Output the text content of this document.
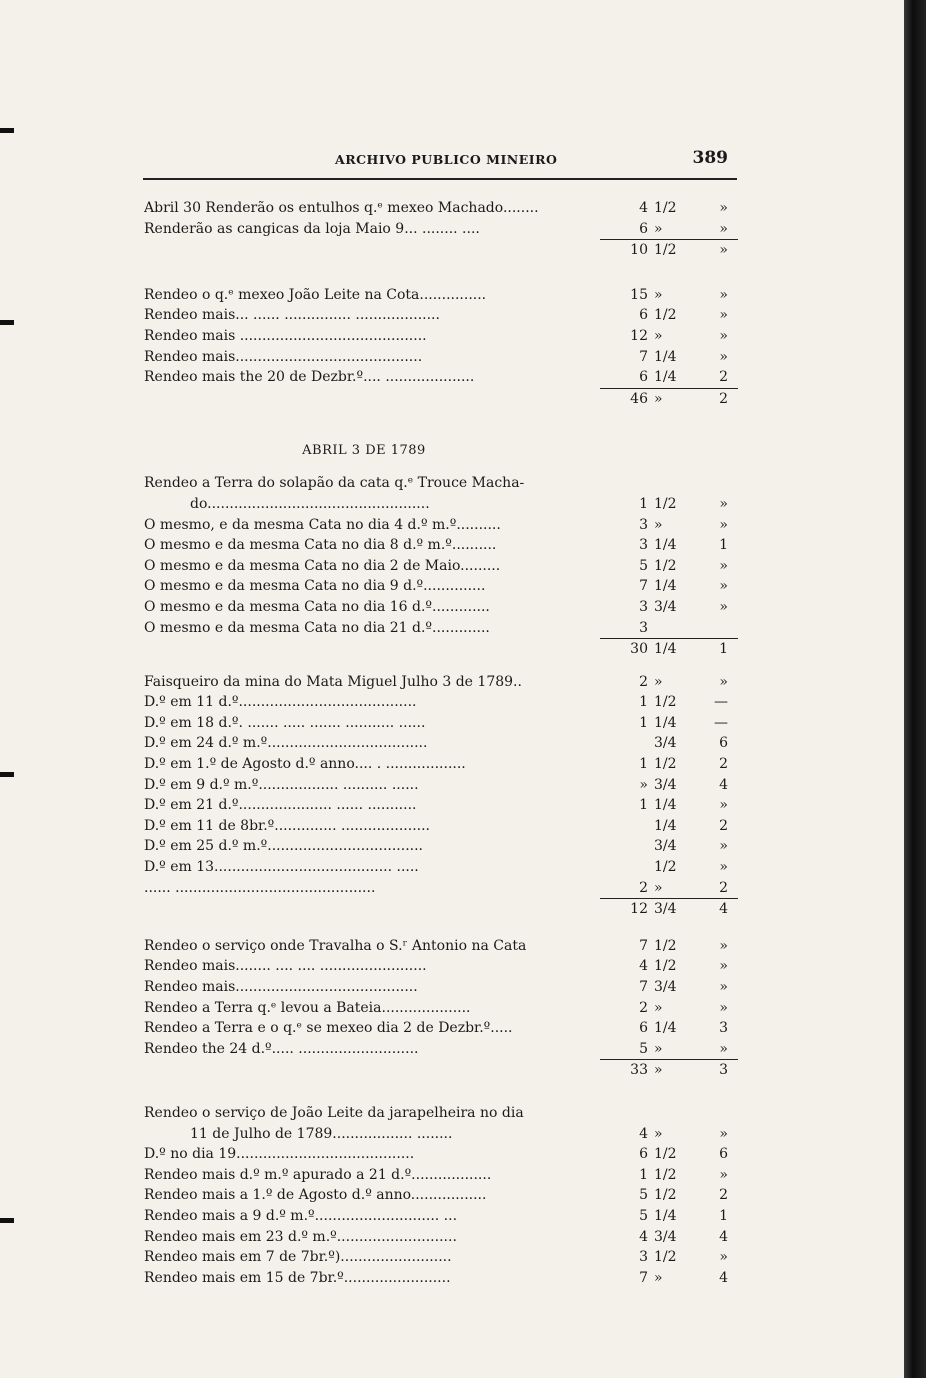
ARCHIVO PUBLICO MINEIRO	389
Abril 30 Renderão os entulhos q.ᵉ mexeo Machado........	4 1/2	»
Renderão as cangicas da loja Maio 9... ........ ....	6 »	»
10 1/2	»
Rendeo o q.ᵉ mexeo João Leite na Cota...............	15 »	»
Rendeo mais... ...... ............... ...................	6 1/2	»
Rendeo mais ..........................................	12 »	»
Rendeo mais..........................................	7 1/4	»
Rendeo mais the 20 de Dezbr.º.... ....................	6 1/4	2
46 »	2
ABRIL 3 DE 1789
Rendeo a Terra do solapão da cata q.ᵉ Trouce Macha-
do..................................................	1 1/2	»
O mesmo, e da mesma Cata no dia 4 d.º m.º..........	3 »	»
O mesmo e da mesma Cata no dia 8 d.º m.º..........	3 1/4	1
O mesmo e da mesma Cata no dia 2 de Maio.........	5 1/2	»
O mesmo e da mesma Cata no dia 9 d.º..............	7 1/4	»
O mesmo e da mesma Cata no dia 16 d.º.............	3 3/4	»
O mesmo e da mesma Cata no dia 21 d.º.............	3
30 1/4	1
Faisqueiro da mina do Mata Miguel Julho 3 de 1789..	2 »	»
D.º em 11 d.º........................................	1 1/2	—
D.º em 18 d.º. ....... ..... ....... ........... ......	1 1/4	—
D.º em 24 d.º m.º....................................	3/4	6
D.º em 1.º de Agosto d.º anno.... . ..................	1 1/2	2
D.º em 9 d.º m.º.................. .......... ......	» 3/4	4
D.º em 21 d.º..................... ...... ...........	1 1/4	»
D.º em 11 de 8br.º.............. ....................	1/4	2
D.º em 25 d.º m.º...................................	3/4	»
D.º em 13........................................ .....	1/2	»
...... .............................................	2 »	2
12 3/4	4
Rendeo o serviço onde Travalha o S.ʳ Antonio na Cata	7 1/2	»
Rendeo mais........ .... .... ........................	4 1/2	»
Rendeo mais.........................................	7 3/4	»
Rendeo a Terra q.ᵉ levou a Bateia....................	2 »	»
Rendeo a Terra e o q.ᵉ se mexeo dia 2 de Dezbr.º.....	6 1/4	3
Rendeo the 24 d.º..... ...........................	5 »	»
33 »	3
Rendeo o serviço de João Leite da jarapelheira no dia
11 de Julho de 1789.................. ........	4 »	»
D.º no dia 19........................................	6 1/2	6
Rendeo mais d.º m.º apurado a 21 d.º..................	1 1/2	»
Rendeo mais a 1.º de Agosto d.º anno.................	5 1/2	2
Rendeo mais a 9 d.º m.º............................ ...	5 1/4	1
Rendeo mais em 23 d.º m.º...........................	4 3/4	4
Rendeo mais em 7 de 7br.º).........................	3 1/2	»
Rendeo mais em 15 de 7br.º........................	7 »	4
